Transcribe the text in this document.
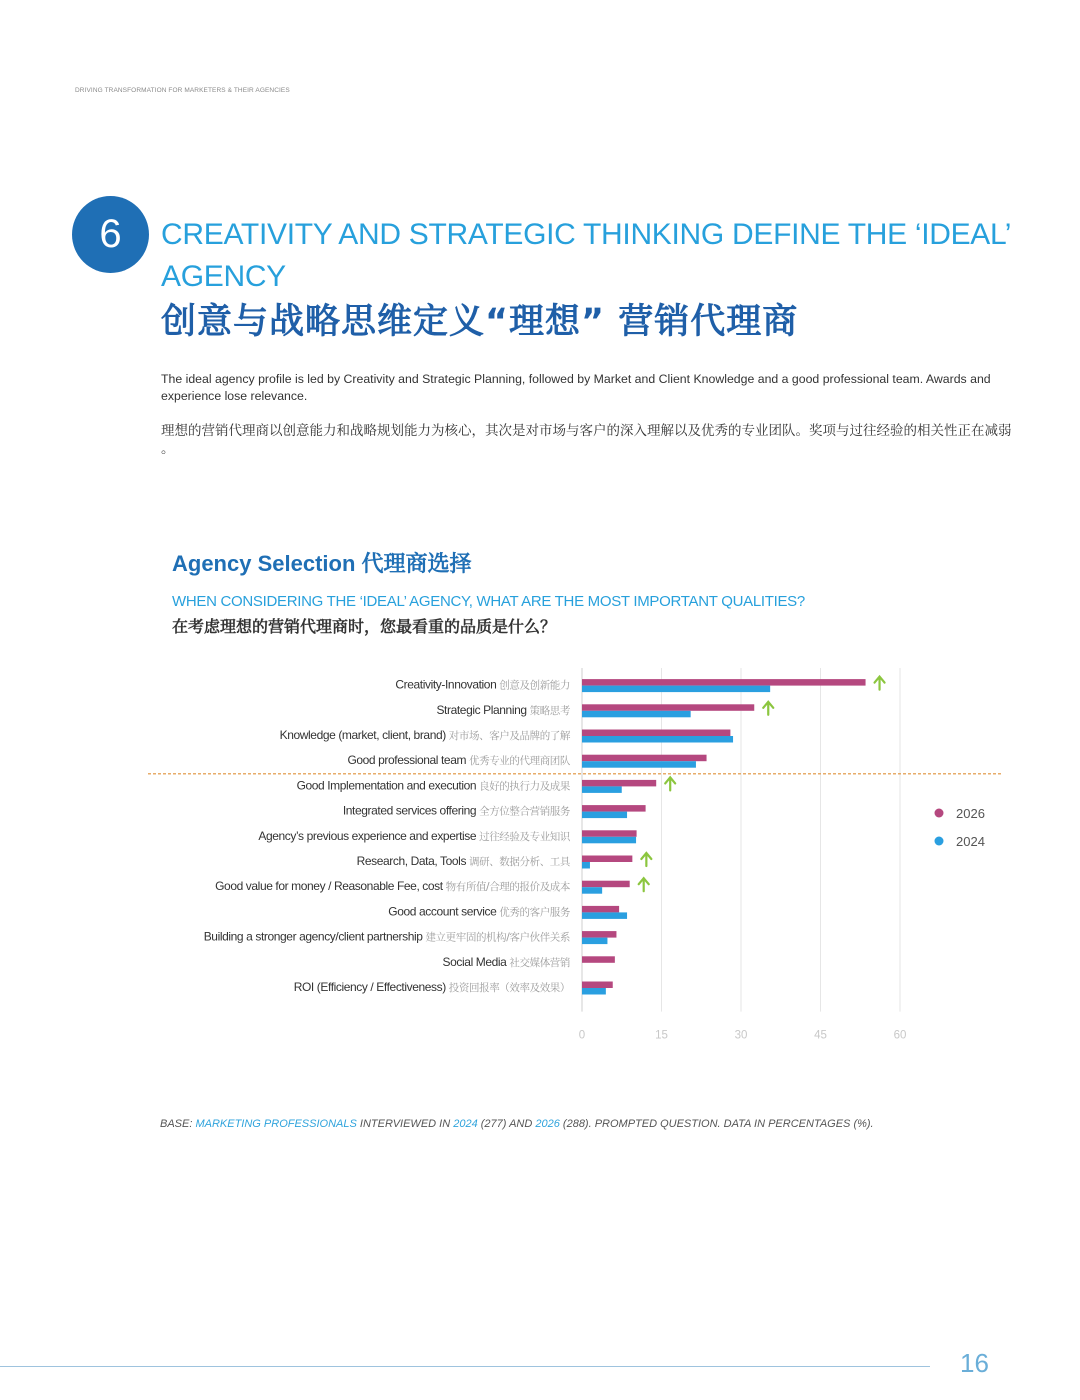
DRIVING TRANSFORMATION FOR MARKETERS & THEIR AGENCIES
6	CREATIVITY AND STRATEGIC THINKING DEFINE THE ‘IDEAL’ AGENCY
创意与战略思维定义“理想” 营销代理商
The ideal agency profile is led by Creativity and Strategic Planning, followed by Market and Client Knowledge and a good professional team. Awards and experience lose relevance.
理想的营销代理商以创意能力和战略规划能力为核心，其次是对市场与客户的深入理解以及优秀的专业团队。奖项与过往经验的相关性正在减弱 。
Agency Selection 代理商选择
WHEN CONSIDERING THE ‘IDEAL’ AGENCY, WHAT ARE THE MOST IMPORTANT QUALITIES?
在考虑理想的营销代理商时，您最看重的品质是什么？
0	15	30	45	60
Creativity-Innovation 创意及创新能力
Strategic Planning 策略思考
Knowledge (market, client, brand) 对市场、客户及品牌的了解
Good professional team 优秀专业的代理商团队
Good Implementation and execution 良好的执行力及成果
Integrated services offering 全方位整合营销服务
Agency’s previous experience and expertise 过往经验及专业知识
Research, Data, Tools 调研、数据分析、工具
Good value for money / Reasonable Fee, cost 物有所值/合理的报价及成本
Good account service 优秀的客户服务
Building a stronger agency/client partnership 建立更牢固的机构/客户伙伴关系
Social Media 社交媒体营销
ROI (Efficiency / Effectiveness) 投资回报率（效率及效果）
2026
2024
BASE: MARKETING PROFESSIONALS INTERVIEWED IN 2024 (277) AND 2026 (288). PROMPTED QUESTION. DATA IN PERCENTAGES (%).
16
